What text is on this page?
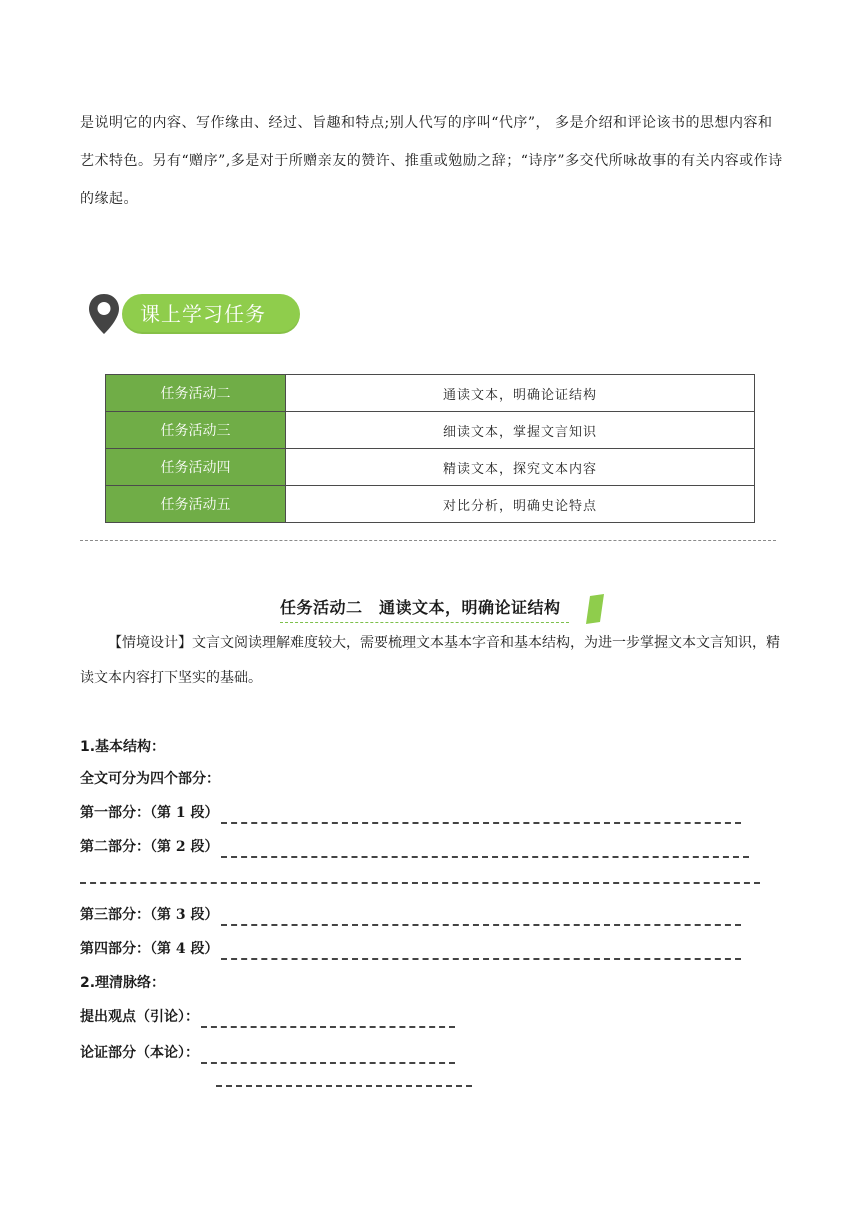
是说明它的内容、写作缘由、经过、旨趣和特点;别人代写的序叫“代序”， 多是介绍和评论该书的思想内容和艺术特色。另有“赠序”,多是对于所赠亲友的赞许、推重或勉励之辞；“诗序”多交代所咏故事的有关内容或作诗的缘起。

课上学习任务
任务活动二	通读文本，明确论证结构
任务活动三	细读文本，掌握文言知识
任务活动四	精读文本，探究文本内容
任务活动五	对比分析，明确史论特点
任务活动二　通读文本，明确论证结构

【情境设计】文言文阅读理解难度较大，需要梳理文本基本字音和基本结构，为进一步掌握文本文言知识，精读文本内容打下坚实的基础。

1.基本结构：
全文可分为四个部分：
第一部分：（第 1 段）
第二部分：（第 2 段）
第三部分：（第 3 段）
第四部分：（第 4 段）
2.理清脉络：
提出观点（引论）：
论证部分（本论）：
